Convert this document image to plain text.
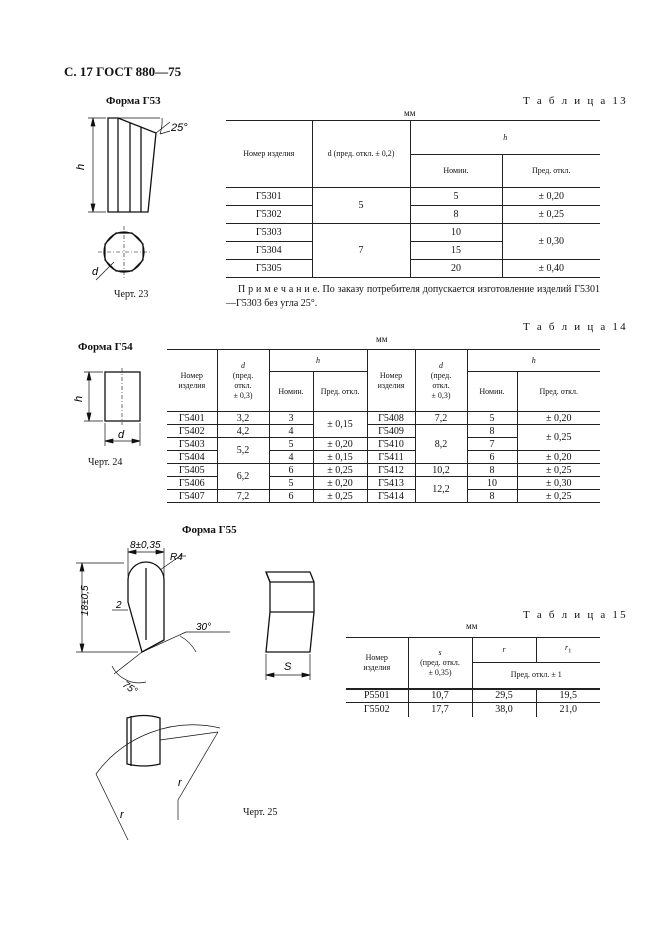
С. 17 ГОСТ 880—75
Форма Г53	Т а б л и ц а 13
мм
25°
h
d
Черт. 23
Номер изделия	d (пред. откл. ± 0,2)	h	
		Номин.	Пред. откл.
Г5301	5	5	± 0,20
Г5302		8	± 0,25
Г5303	7	10	± 0,30
Г5304		15	
Г5305		20	± 0,40
П р и м е ч а н и е. По заказу потребителя допускается изготовление изделий Г5301—Г5303 без угла 25°.
Т а б л и ц а 14
мм
Форма Г54
h
d
Черт. 24
Номер
изделия	d
(пред.
откл.
± 0,3)	h		Номер
изделия	d
(пред.
откл.
± 0,3)	h	
		Номин.	Пред. откл.			Номин.	Пред. откл.
Г5401	3,2	3	± 0,15	Г5408	7,2	5	± 0,20
Г5402	4,2	4		Г5409	8,2	8	± 0,25
Г5403	5,2	5	± 0,20	Г5410		7	
Г5404		4	± 0,15	Г5411		6	± 0,20
Г5405	6,2	6	± 0,25	Г5412	10,2	8	± 0,25
Г5406		5	± 0,20	Г5413	12,2	10	± 0,30
Г5407	7,2	6	± 0,25	Г5414		8	± 0,25
Форма Г55
8±0,35
R4
18±0,5	2
30°
75°
S
r
r	Черт. 25
Т а б л и ц а 15
мм
Номер
изделия	s
(пред. откл.
± 0,35)	r	$r_1$
		Пред. откл. ± 1	
Р5501	10,7	29,5	19,5
Г5502	17,7	38,0	21,0
